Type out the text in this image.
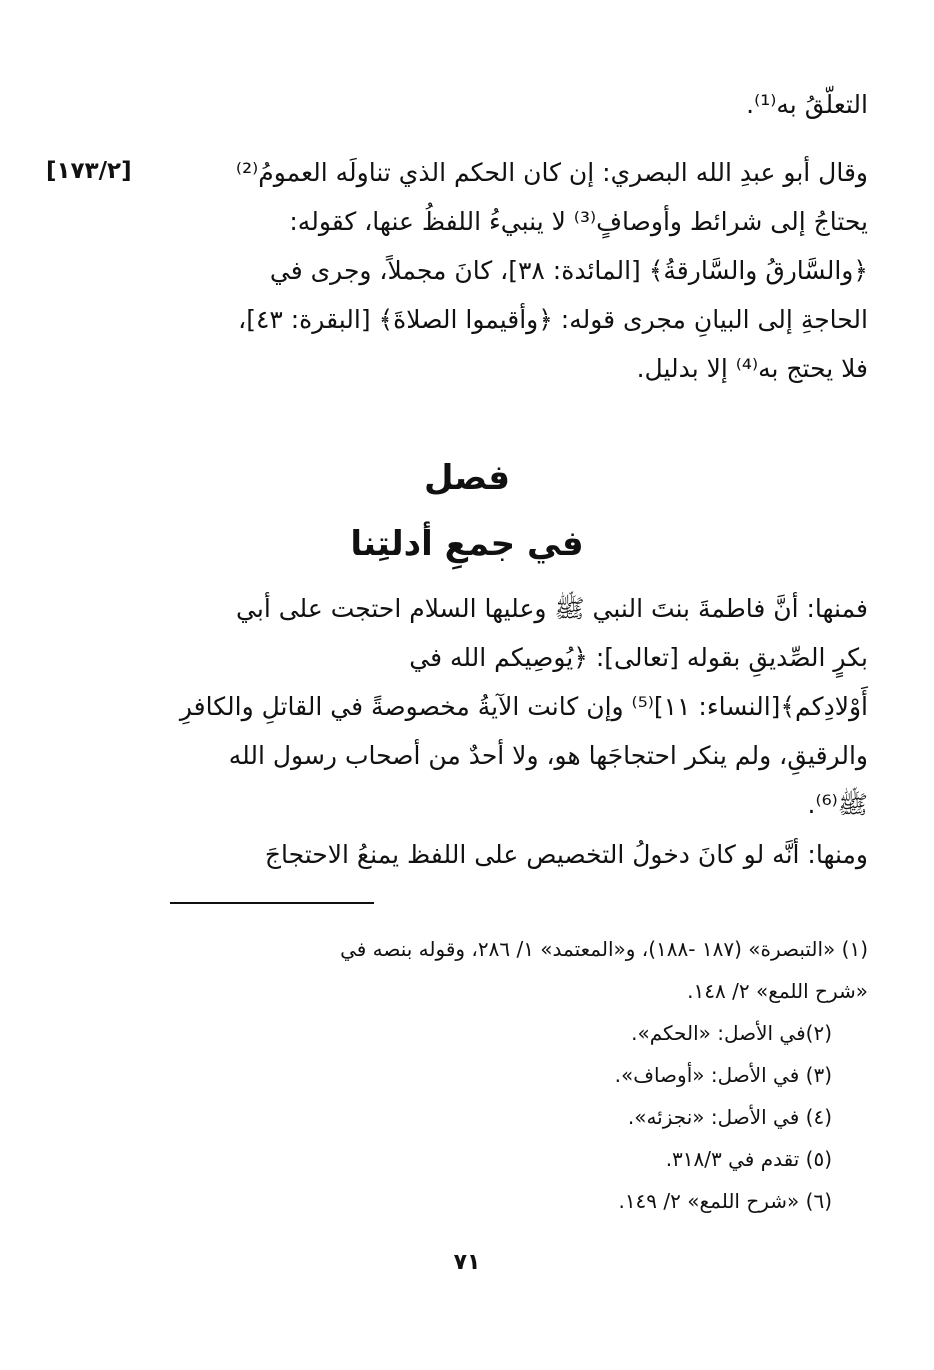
التعلّقُ به⁽¹⁾.

[١٧٣/٢]	وقال أبو عبدِ الله البصري: إن كان الحكم الذي تناولَه العمومُ⁽²⁾

يحتاجُ إلى شرائط وأوصافٍ⁽³⁾ لا ينبيءُ اللفظُ عنها، كقوله:

﴿والسَّارقُ والسَّارقةُ﴾ [المائدة: ٣٨]، كانَ مجملاً، وجرى في

الحاجةِ إلى البيانِ مجرى قوله: ﴿وأقيموا الصلاةَ﴾ [البقرة: ٤٣]،

فلا يحتج به⁽⁴⁾ إلا بدليل.

فصل
في جمعِ أدلتِنا

فمنها: أنَّ فاطمةَ بنتَ النبي ﷺ وعليها السلام احتجت على أبي

بكرٍ الصِّديقِ بقوله [تعالى]: ﴿يُوصِيكم الله في

أَوْلادِكم﴾[النساء: ١١]⁽⁵⁾ وإن كانت الآيةُ مخصوصةً في القاتلِ والكافرِ

والرقيقِ، ولم ينكر احتجاجَها هو، ولا أحدٌ من أصحاب رسول الله

ﷺ⁽⁶⁾.

ومنها: أنَّه لو كانَ دخولُ التخصيص على اللفظ يمنعُ الاحتجاجَ

(١) «التبصرة» (١٨٧ -١٨٨)، و«المعتمد» ١/ ٢٨٦، وقوله بنصه في

«شرح اللمع» ٢/ ١٤٨.

(٢)في الأصل: «الحكم».

(٣) في الأصل: «أوصاف».

(٤) في الأصل: «نجزئه».

(٥) تقدم في ٣١٨/٣.

(٦) «شرح اللمع» ٢/ ١٤٩.

٧١
